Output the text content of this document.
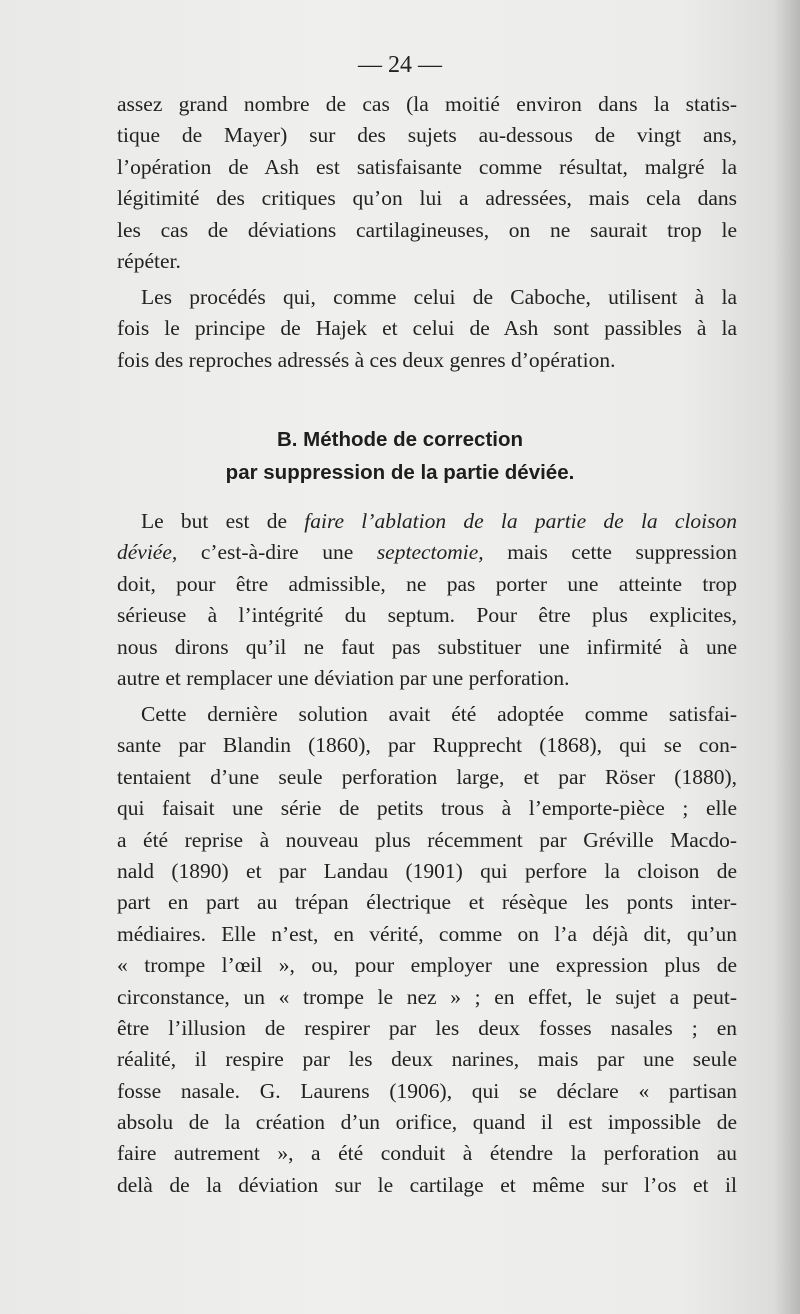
— 24 —
assez grand nombre de cas (la moitié environ dans la statis-
tique de Mayer) sur des sujets au-dessous de vingt ans,
l’opération de Ash est satisfaisante comme résultat, malgré la
légitimité des critiques qu’on lui a adressées, mais cela dans
les cas de déviations cartilagineuses, on ne saurait trop le
répéter.
Les procédés qui, comme celui de Caboche, utilisent à la
fois le principe de Hajek et celui de Ash sont passibles à la
fois des reproches adressés à ces deux genres d’opération.
B. Méthode de correction
par suppression de la partie déviée.
Le but est de faire l’ablation de la partie de la cloison
déviée, c’est-à-dire une septectomie, mais cette suppression
doit, pour être admissible, ne pas porter une atteinte trop
sérieuse à l’intégrité du septum. Pour être plus explicites,
nous dirons qu’il ne faut pas substituer une infirmité à une
autre et remplacer une déviation par une perforation.
Cette dernière solution avait été adoptée comme satisfai-
sante par Blandin (1860), par Rupprecht (1868), qui se con-
tentaient d’une seule perforation large, et par Röser (1880),
qui faisait une série de petits trous à l’emporte-pièce ; elle
a été reprise à nouveau plus récemment par Gréville Macdo-
nald (1890) et par Landau (1901) qui perfore la cloison de
part en part au trépan électrique et résèque les ponts inter-
médiaires. Elle n’est, en vérité, comme on l’a déjà dit, qu’un
« trompe l’œil », ou, pour employer une expression plus de
circonstance, un « trompe le nez » ; en effet, le sujet a peut-
être l’illusion de respirer par les deux fosses nasales ; en
réalité, il respire par les deux narines, mais par une seule
fosse nasale. G. Laurens (1906), qui se déclare « partisan
absolu de la création d’un orifice, quand il est impossible de
faire autrement », a été conduit à étendre la perforation au
delà de la déviation sur le cartilage et même sur l’os et il
